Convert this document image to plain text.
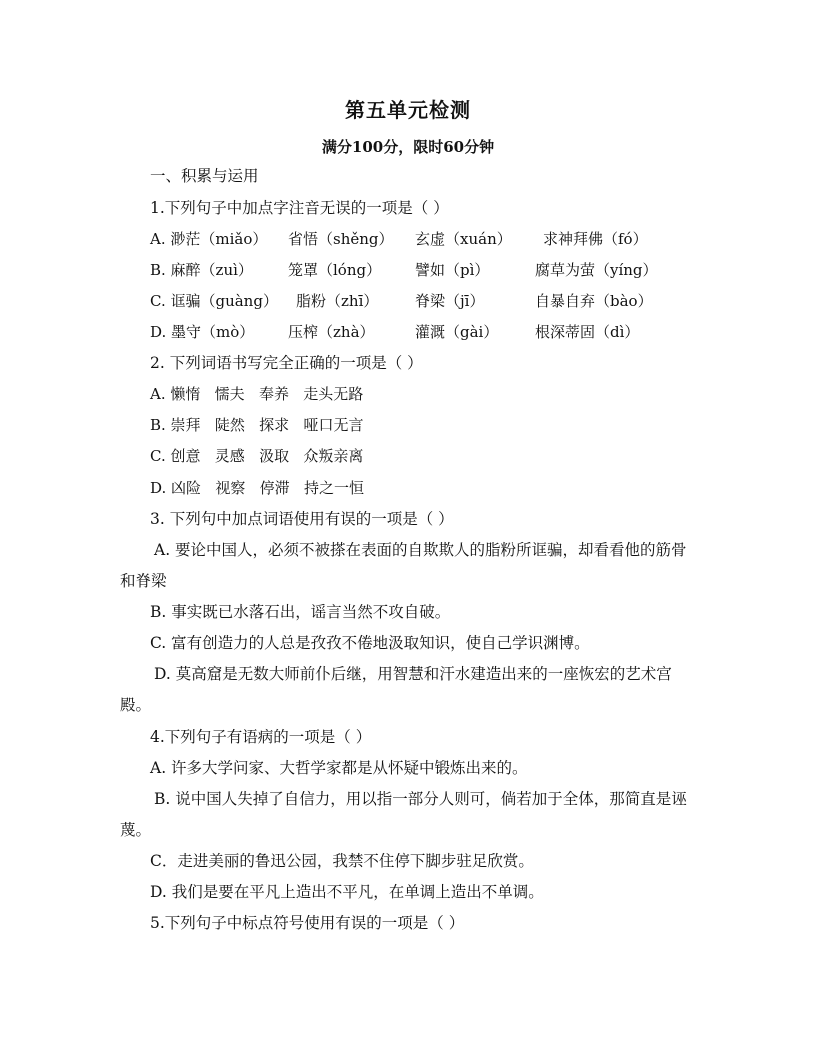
第五单元检测
满分100分，限时60分钟
一、积累与运用
1.下列句子中加点字注音无误的一项是（ ）
A. 渺茫（miǎo） 省悟（shěng） 玄虚（xuán） 求神拜佛（fó）
B. 麻醉（zuì） 笼罩（lóng） 譬如（pì）	腐草为萤（yíng）
C. 诓骗（guàng） 脂粉（zhī） 脊梁（jī）	自暴自弃（bào）
D. 墨守（mò） 压榨（zhà）	灌溉（gài） 根深蒂固（dì）
2. 下列词语书写完全正确的一项是（ ）
A. 懒惰   懦夫   奉养   走头无路
B. 崇拜   陡然   探求   哑口无言
C. 创意   灵感   汲取   众叛亲离
D. 凶险   视察   停滞   持之一恒
3. 下列句中加点词语使用有误的一项是（ ）
A. 要论中国人，必须不被搽在表面的自欺欺人的脂粉所诓骗，却看看他的筋骨和脊梁
B. 事实既已水落石出，谣言当然不攻自破。
C. 富有创造力的人总是孜孜不倦地汲取知识，使自己学识渊博。
D. 莫高窟是无数大师前仆后继，用智慧和汗水建造出来的一座恢宏的艺术宫殿。
4.下列句子有语病的一项是（ ）
A. 许多大学问家、大哲学家都是从怀疑中锻炼出来的。
B. 说中国人失掉了自信力，用以指一部分人则可，倘若加于全体，那简直是诬蔑。
C．走进美丽的鲁迅公园，我禁不住停下脚步驻足欣赏。
D. 我们是要在平凡上造出不平凡，在单调上造出不单调。
5.下列句子中标点符号使用有误的一项是（ ）
